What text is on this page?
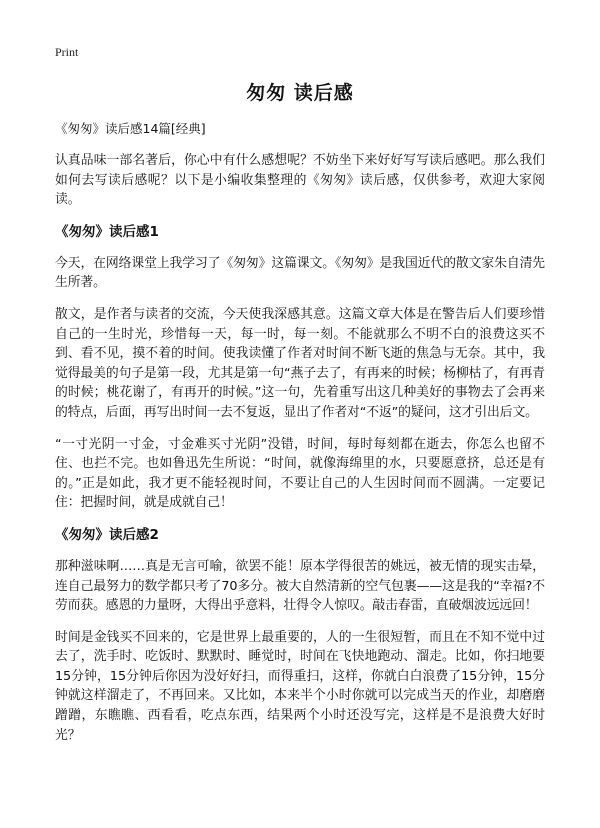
Print
匆匆 读后感

《匆匆》读后感14篇[经典]

认真品味一部名著后，你心中有什么感想呢？不妨坐下来好好写写读后感吧。那么我们如何去写读后感呢？以下是小编收集整理的《匆匆》读后感，仅供参考，欢迎大家阅读。

《匆匆》读后感1

今天，在网络课堂上我学习了《匆匆》这篇课文。《匆匆》是我国近代的散文家朱自清先生所著。

散文，是作者与读者的交流，今天使我深感其意。这篇文章大体是在警告后人们要珍惜自己的一生时光，珍惜每一天，每一时，每一刻。不能就那么不明不白的浪费这买不到、看不见，摸不着的时间。使我读懂了作者对时间不断飞逝的焦急与无奈。其中，我觉得最美的句子是第一段，尤其是第一句“燕子去了，有再来的时候；杨柳枯了，有再青的时候；桃花谢了，有再开的时候。”这一句，先着重写出这几种美好的事物去了会再来的特点，后面，再写出时间一去不复返，显出了作者对“不返”的疑问，这才引出后文。

“一寸光阴一寸金，寸金难买寸光阴”没错，时间，每时每刻都在逝去，你怎么也留不住、也拦不完。也如鲁迅先生所说：“时间，就像海绵里的水，只要愿意挤，总还是有的。”正是如此，我才更不能轻视时间，不要让自己的人生因时间而不圆满。一定要记住：把握时间，就是成就自己！

《匆匆》读后感2

那种滋味啊……真是无言可喻，欲罢不能！原本学得很苦的姚远，被无情的现实击晕，连自己最努力的数学都只考了70多分。被大自然清新的空气包裹——这是我的“幸福?不劳而获。感恩的力量呀，大得出乎意料，壮得令人惊叹。敲击春雷，直破烟波远远回！

时间是金钱买不回来的，它是世界上最重要的，人的一生很短暂，而且在不知不觉中过去了，洗手时、吃饭时、默默时、睡觉时，时间在飞快地跑动、溜走。比如，你扫地要15分钟，15分钟后你因为没好好扫，而得重扫，这样，你就白白浪费了15分钟，15分钟就这样溜走了，不再回来。又比如，本来半个小时你就可以完成当天的作业，却磨磨蹭蹭，东瞧瞧、西看看，吃点东西，结果两个小时还没写完，这样是不是浪费大好时光？
